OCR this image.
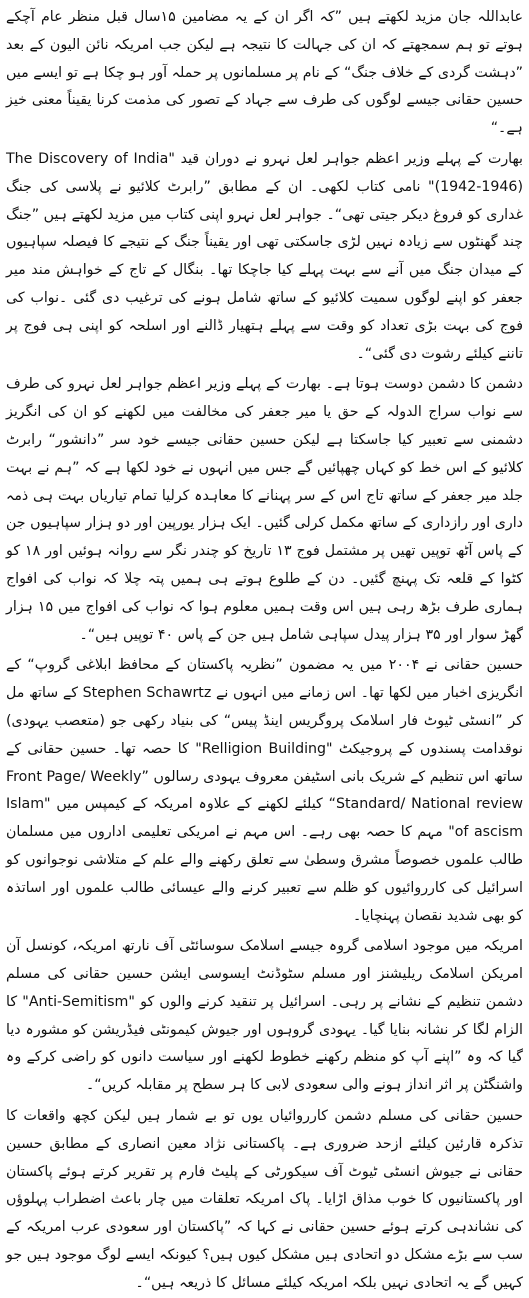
عابداللہ جان مزید لکھتے ہیں ”کہ اگر ان کے یہ مضامین ۱۵سال قبل منظر عام آچکے ہوتے تو ہم سمجھتے کہ ان کی جہالت کا نتیجہ ہے لیکن جب امریکہ نائن الیون کے بعد ”دہشت گردی کے خلاف جنگ“ کے نام پر مسلمانوں پر حملہ آور ہو چکا ہے تو ایسے میں حسین حقانی جیسے لوگوں کی طرف سے جہاد کے تصور کی مذمت کرنا یقیناً معنی خیز ہے۔“

بھارت کے پہلے وزیر اعظم جواہر لعل نہرو نے دوران قید "The Discovery of India (1942-1946)" نامی کتاب لکھی۔ ان کے مطابق ”رابرٹ کلائیو نے پلاسی کی جنگ غداری کو فروغ دیکر جیتی تھی“۔ جواہر لعل نہرو اپنی کتاب میں مزید لکھتے ہیں ”جنگ چند گھنٹوں سے زیادہ نہیں لڑی جاسکتی تھی اور یقیناً جنگ کے نتیجے کا فیصلہ سپاہیوں کے میدان جنگ میں آنے سے بہت پہلے کیا جاچکا تھا۔ بنگال کے تاج کے خواہش مند میر جعفر کو اپنے لوگوں سمیت کلائیو کے ساتھ شامل ہونے کی ترغیب دی گئی ۔نواب کی فوج کی بہت بڑی تعداد کو وقت سے پہلے ہتھیار ڈالنے اور اسلحہ کو اپنی ہی فوج پر تاننے کیلئے رشوت دی گئی“۔

دشمن کا دشمن دوست ہوتا ہے۔ بھارت کے پہلے وزیر اعظم جواہر لعل نہرو کی طرف سے نواب سراج الدولہ کے حق یا میر جعفر کی مخالفت میں لکھنے کو ان کی انگریز دشمنی سے تعبیر کیا جاسکتا ہے لیکن حسین حقانی جیسے خود سر ”دانشور“ رابرٹ کلائیو کے اس خط کو کہاں چھپائیں گے جس میں انہوں نے خود لکھا ہے کہ ”ہم نے بہت جلد میر جعفر کے ساتھ تاج اس کے سر پہنانے کا معاہدہ کرلیا تمام تیاریاں بہت ہی ذمہ داری اور رازداری کے ساتھ مکمل کرلی گئیں۔ ایک ہزار یورپین اور دو ہزار سپاہیوں جن کے پاس آٹھ توپیں تھیں پر مشتمل فوج ۱۳ تاریخ کو چندر نگر سے روانہ ہوئیں اور ۱۸ کو کٹوا کے قلعہ تک پہنچ گئیں۔ دن کے طلوع ہوتے ہی ہمیں پتہ چلا کہ نواب کی افواج ہماری طرف بڑھ رہی ہیں اس وقت ہمیں معلوم ہوا کہ نواب کی افواج میں ۱۵ ہزار گھڑ سوار اور ۳۵ ہزار پیدل سپاہی شامل ہیں جن کے پاس ۴۰ توپیں ہیں“۔

حسین حقانی نے ۲۰۰۴ میں یہ مضمون ”نظریہ پاکستان کے محافظ ابلاغی گروپ“ کے انگریزی اخبار میں لکھا تھا۔ اس زمانے میں انہوں نے Stephen Schawrtz کے ساتھ مل کر ”انسٹی ٹیوٹ فار اسلامک پروگریس اینڈ پیس“ کی بنیاد رکھی جو (متعصب یہودی) نوقدامت پسندوں کے پروجیکٹ "Relligion Building" کا حصہ تھا۔ حسین حقانی کے ساتھ اس تنظیم کے شریک بانی اسٹیفن معروف یہودی رسالوں ”Front Page/ Weekly Standard/ National review“ کیلئے لکھنے کے علاوہ امریکہ کے کیمپس میں "Islam of ascism" مہم کا حصہ بھی رہے۔ اس مہم نے امریکی تعلیمی اداروں میں مسلمان طالب علموں خصوصاً مشرق وسطیٰ سے تعلق رکھنے والے علم کے متلاشی نوجوانوں کو اسرائیل کی کارروائیوں کو ظلم سے تعبیر کرنے والے عیسائی طالب علموں اور اساتذہ کو بھی شدید نقصان پہنچایا۔

امریکہ میں موجود اسلامی گروہ جیسے اسلامک سوسائٹی آف نارتھ امریکہ، کونسل آن امریکن اسلامک ریلیشنز اور مسلم سٹوڈنٹ ایسوسی ایشن حسین حقانی کی مسلم دشمن تنظیم کے نشانے پر رہی۔ اسرائیل پر تنقید کرنے والوں کو "Anti-Semitism" کا الزام لگا کر نشانہ بنایا گیا۔ یہودی گروہوں اور جیوش کیمونٹی فیڈریشن کو مشورہ دیا گیا کہ وہ ”اپنے آپ کو منظم رکھنے خطوط لکھنے اور سیاست دانوں کو راضی کرکے وہ واشنگٹن پر اثر انداز ہونے والی سعودی لابی کا ہر سطح پر مقابلہ کریں“۔

حسین حقانی کی مسلم دشمن کارروائیاں یوں تو بے شمار ہیں لیکن کچھ واقعات کا تذکرہ قارئین کیلئے ازحد ضروری ہے۔ پاکستانی نژاد معین انصاری کے مطابق حسین حقانی نے جیوش انسٹی ٹیوٹ آف سیکورٹی کے پلیٹ فارم پر تقریر کرتے ہوئے پاکستان اور پاکستانیوں کا خوب مذاق اڑایا۔ پاک امریکہ تعلقات میں چار باعث اضطراب پہلوؤں کی نشاندہی کرتے ہوئے حسین حقانی نے کہا کہ ”پاکستان اور سعودی عرب امریکہ کے سب سے بڑے مشکل دو اتحادی ہیں مشکل کیوں ہیں؟ کیونکہ ایسے لوگ موجود ہیں جو کہیں گے یہ اتحادی نہیں بلکہ امریکہ کیلئے مسائل کا ذریعہ ہیں“۔
